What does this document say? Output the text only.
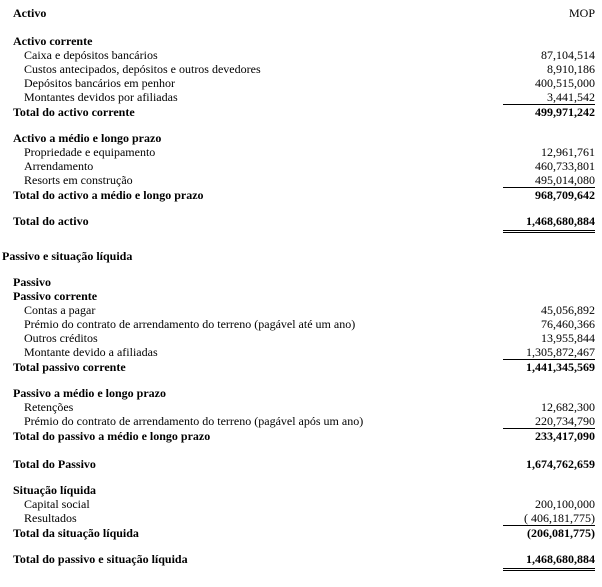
Activo	MOP
Activo corrente
Caixa e depósitos bancários	87,104,514
Custos antecipados, depósitos e outros devedores	8,910,186
Depósitos bancários em penhor	400,515,000
Montantes devidos por afiliadas	3,441,542
Total do activo corrente	499,971,242
Activo a médio e longo prazo
Propriedade e equipamento	12,961,761
Arrendamento	460,733,801
Resorts em construção	495,014,080
Total do activo a médio e longo prazo	968,709,642
Total do activo	1,468,680,884
Passivo e situação líquida
Passivo
Passivo corrente
Contas a pagar	45,056,892
Prémio do contrato de arrendamento do terreno (pagável até um ano)	76,460,366
Outros créditos	13,955,844
Montante devido a afiliadas	1,305,872,467
Total passivo corrente	1,441,345,569
Passivo a médio e longo prazo
Retenções	12,682,300
Prémio do contrato de arrendamento do terreno (pagável após um ano)	220,734,790
Total do passivo a médio e longo prazo	233,417,090
Total do Passivo	1,674,762,659
Situação líquida
Capital social	200,100,000
Resultados	( 406,181,775)
Total da situação líquida	(206,081,775)
Total do passivo e situação líquida	1,468,680,884
